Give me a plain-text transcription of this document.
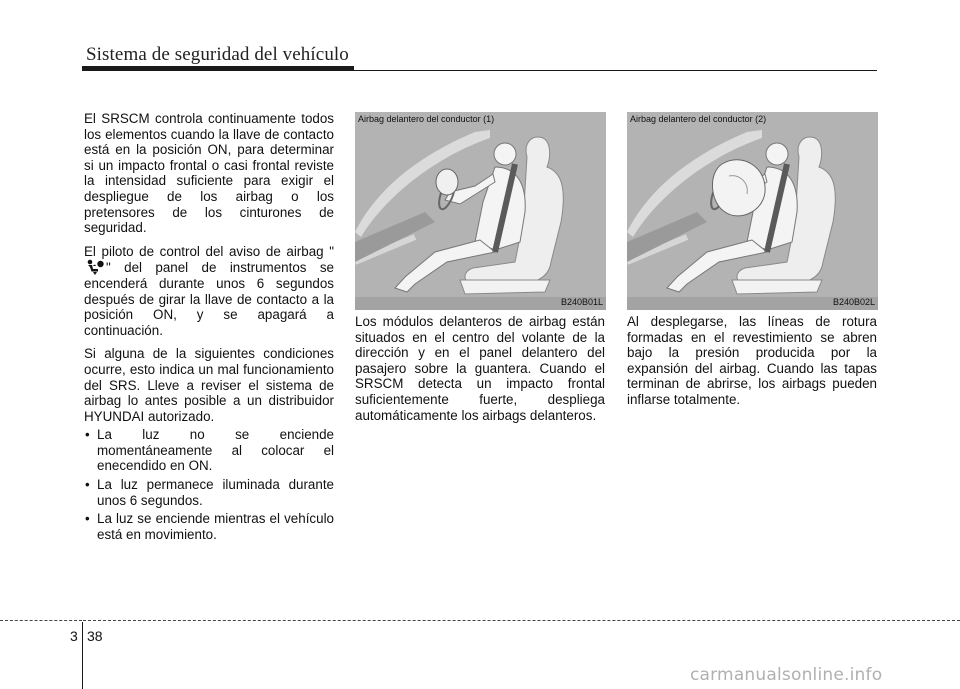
Sistema de seguridad del vehículo

El SRSCM controla continuamente todos los elementos cuando la llave de contacto está en la posición ON, para determinar si un impacto frontal o casi frontal reviste la intensidad suficiente para exigir el despliegue de los airbag o los pretensores de los cinturones de seguridad.

El piloto de control del aviso de airbag "" del panel de instrumentos se encenderá durante unos 6 segundos después de girar la llave de contacto a la posición ON, y se apagará a continuación.

Si alguna de la siguientes condiciones ocurre, esto indica un mal funcionamiento del SRS. Lleve a reviser el sistema de airbag lo antes posible a un distribuidor HYUNDAI autorizado.

• La luz no se enciende momentáneamente al colocar el enecendido en ON.
• La luz permanece iluminada durante unos 6 segundos.
• La luz se enciende mientras el vehículo está en movimiento.
Airbag delantero del conductor (1)
B240B01L
Airbag delantero del conductor (2)
B240B02L

Los módulos delanteros de airbag están situados en el centro del volante de la dirección y en el panel delantero del pasajero sobre la guantera. Cuando el SRSCM detecta un impacto frontal suficientemente fuerte, despliega automáticamente los airbags delanteros.

Al desplegarse, las líneas de rotura formadas en el revestimiento se abren bajo la presión producida por la expansión del airbag. Cuando las tapas terminan de abrirse, los airbags pueden inflarse totalmente.

3 38
carmanualsonline.info
